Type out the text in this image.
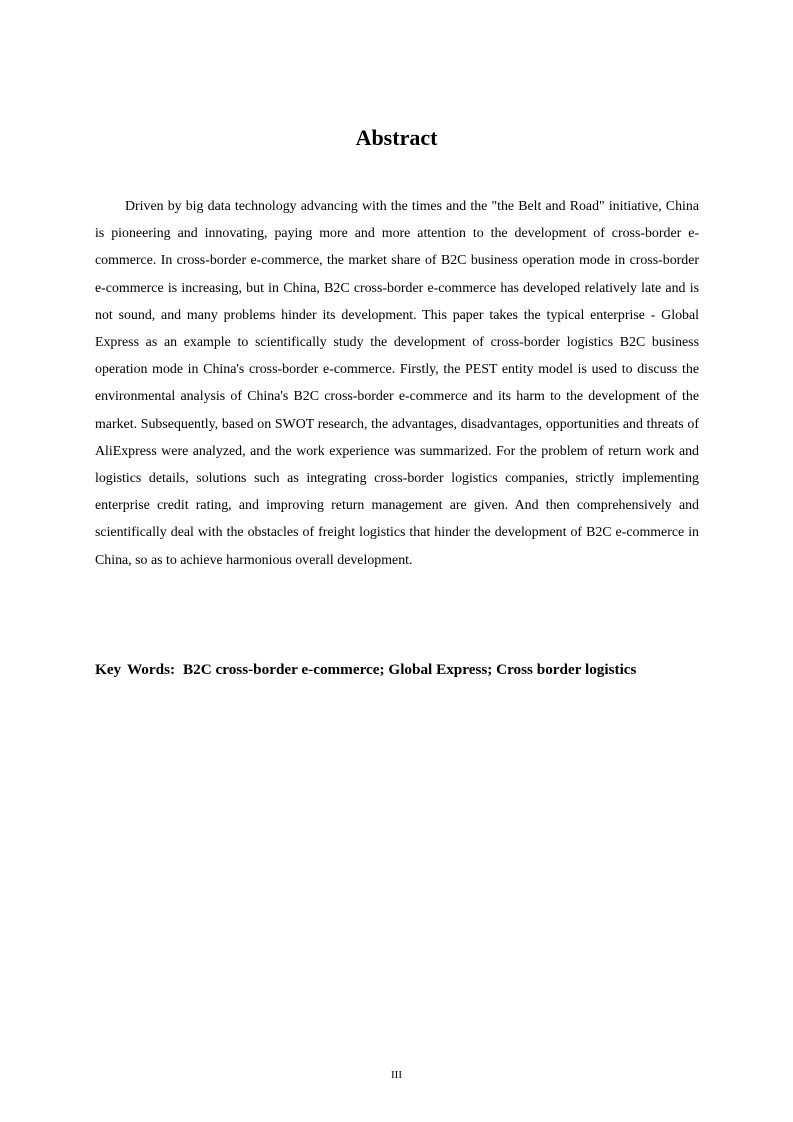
Abstract

Driven by big data technology advancing with the times and the "the Belt and Road" initiative, China is pioneering and innovating, paying more and more attention to the development of cross-border e-commerce. In cross-border e-commerce, the market share of B2C business operation mode in cross-border e-commerce is increasing, but in China, B2C cross-border e-commerce has developed relatively late and is not sound, and many problems hinder its development. This paper takes the typical enterprise - Global Express as an example to scientifically study the development of cross-border logistics B2C business operation mode in China's cross-border e-commerce. Firstly, the PEST entity model is used to discuss the environmental analysis of China's B2C cross-border e-commerce and its harm to the development of the market. Subsequently, based on SWOT research, the advantages, disadvantages, opportunities and threats of AliExpress were analyzed, and the work experience was summarized. For the problem of return work and logistics details, solutions such as integrating cross-border logistics companies, strictly implementing enterprise credit rating, and improving return management are given. And then comprehensively and scientifically deal with the obstacles of freight logistics that hinder the development of B2C e-commerce in China, so as to achieve harmonious overall development.

Key Words: B2C cross-border e-commerce; Global Express; Cross border logistics

III
